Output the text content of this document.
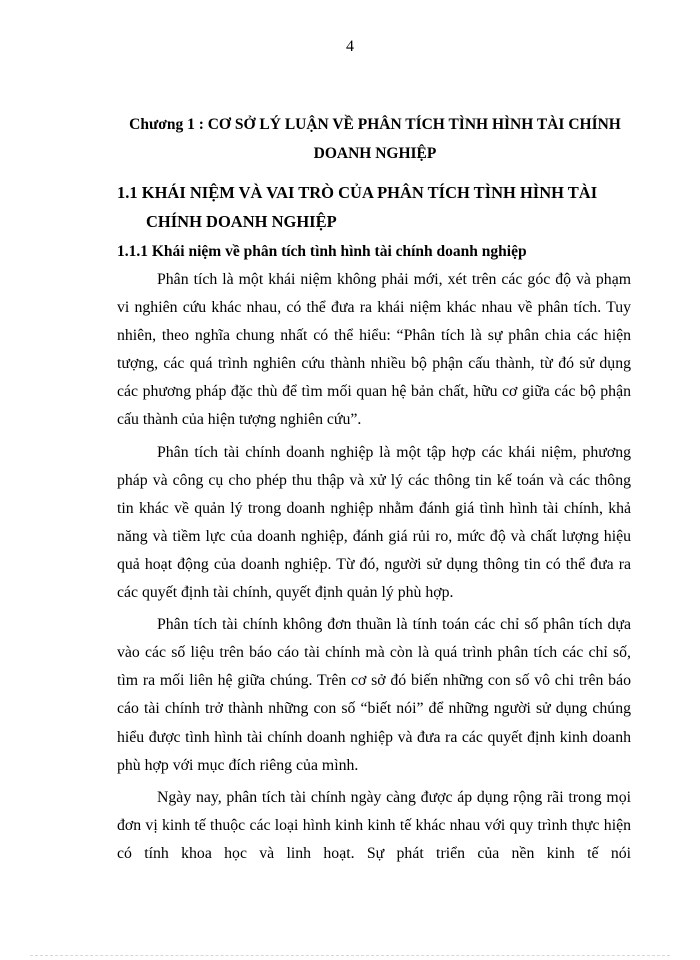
4
Chương 1 : CƠ SỞ LÝ LUẬN VỀ PHÂN TÍCH TÌNH HÌNH TÀI CHÍNH DOANH NGHIỆP
1.1 KHÁI NIỆM VÀ VAI TRÒ CỦA PHÂN TÍCH TÌNH HÌNH TÀI
CHÍNH DOANH NGHIỆP
1.1.1 Khái niệm về phân tích tình hình tài chính doanh nghiệp

Phân tích là một khái niệm không phải mới, xét trên các góc độ và phạm vi nghiên cứu khác nhau, có thể đưa ra khái niệm khác nhau về phân tích. Tuy nhiên, theo nghĩa chung nhất có thể hiểu: “Phân tích là sự phân chia các hiện tượng, các quá trình nghiên cứu thành nhiều bộ phận cấu thành, từ đó sử dụng các phương pháp đặc thù để tìm mối quan hệ bản chất, hữu cơ giữa các bộ phận cấu thành của hiện tượng nghiên cứu”.

Phân tích tài chính doanh nghiệp là một tập hợp các khái niệm, phương pháp và công cụ cho phép thu thập và xử lý các thông tin kế toán và các thông tin khác về quản lý trong doanh nghiệp nhằm đánh giá tình hình tài chính, khả năng và tiềm lực của doanh nghiệp, đánh giá rủi ro, mức độ và chất lượng hiệu quả hoạt động của doanh nghiệp. Từ đó, người sử dụng thông tin có thể đưa ra các quyết định tài chính, quyết định quản lý phù hợp.

Phân tích tài chính không đơn thuần là tính toán các chỉ số phân tích dựa vào các số liệu trên báo cáo tài chính mà còn là quá trình phân tích các chỉ số, tìm ra mối liên hệ giữa chúng. Trên cơ sở đó biến những con số vô chi trên báo cáo tài chính trở thành những con số “biết nói” để những người sử dụng chúng hiểu được tình hình tài chính doanh nghiệp và đưa ra các quyết định kinh doanh phù hợp với mục đích riêng của mình.

Ngày nay, phân tích tài chính ngày càng được áp dụng rộng rãi trong mọi đơn vị kinh tế thuộc các loại hình kinh kinh tế khác nhau với quy trình thực hiện có tính khoa học và linh hoạt. Sự phát triển của nền kinh tế nói
